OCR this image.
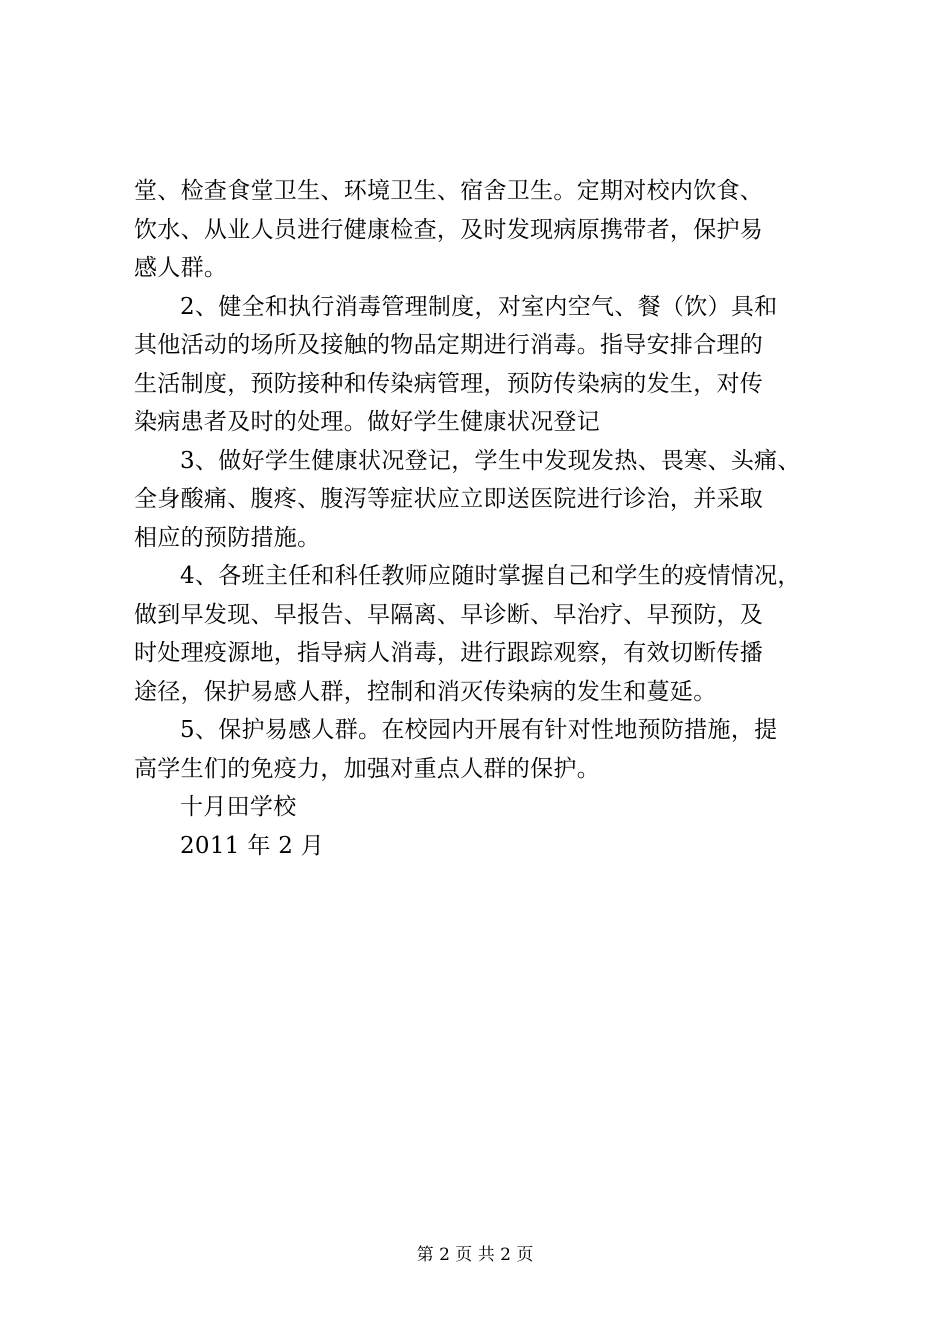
堂、检查食堂卫生、环境卫生、宿舍卫生。定期对校内饮食、
饮水、从业人员进行健康检查，及时发现病原携带者，保护易
感人群。
2、健全和执行消毒管理制度，对室内空气、餐（饮）具和
其他活动的场所及接触的物品定期进行消毒。指导安排合理的
生活制度，预防接种和传染病管理，预防传染病的发生，对传
染病患者及时的处理。做好学生健康状况登记
3、做好学生健康状况登记，学生中发现发热、畏寒、头痛、
全身酸痛、腹疼、腹泻等症状应立即送医院进行诊治，并采取
相应的预防措施。
4、各班主任和科任教师应随时掌握自己和学生的疫情情况，
做到早发现、早报告、早隔离、早诊断、早治疗、早预防，及
时处理疫源地，指导病人消毒，进行跟踪观察，有效切断传播
途径，保护易感人群，控制和消灭传染病的发生和蔓延。
5、保护易感人群。在校园内开展有针对性地预防措施，提
高学生们的免疫力，加强对重点人群的保护。
十月田学校
2011 年 2 月
第 2 页 共 2 页
